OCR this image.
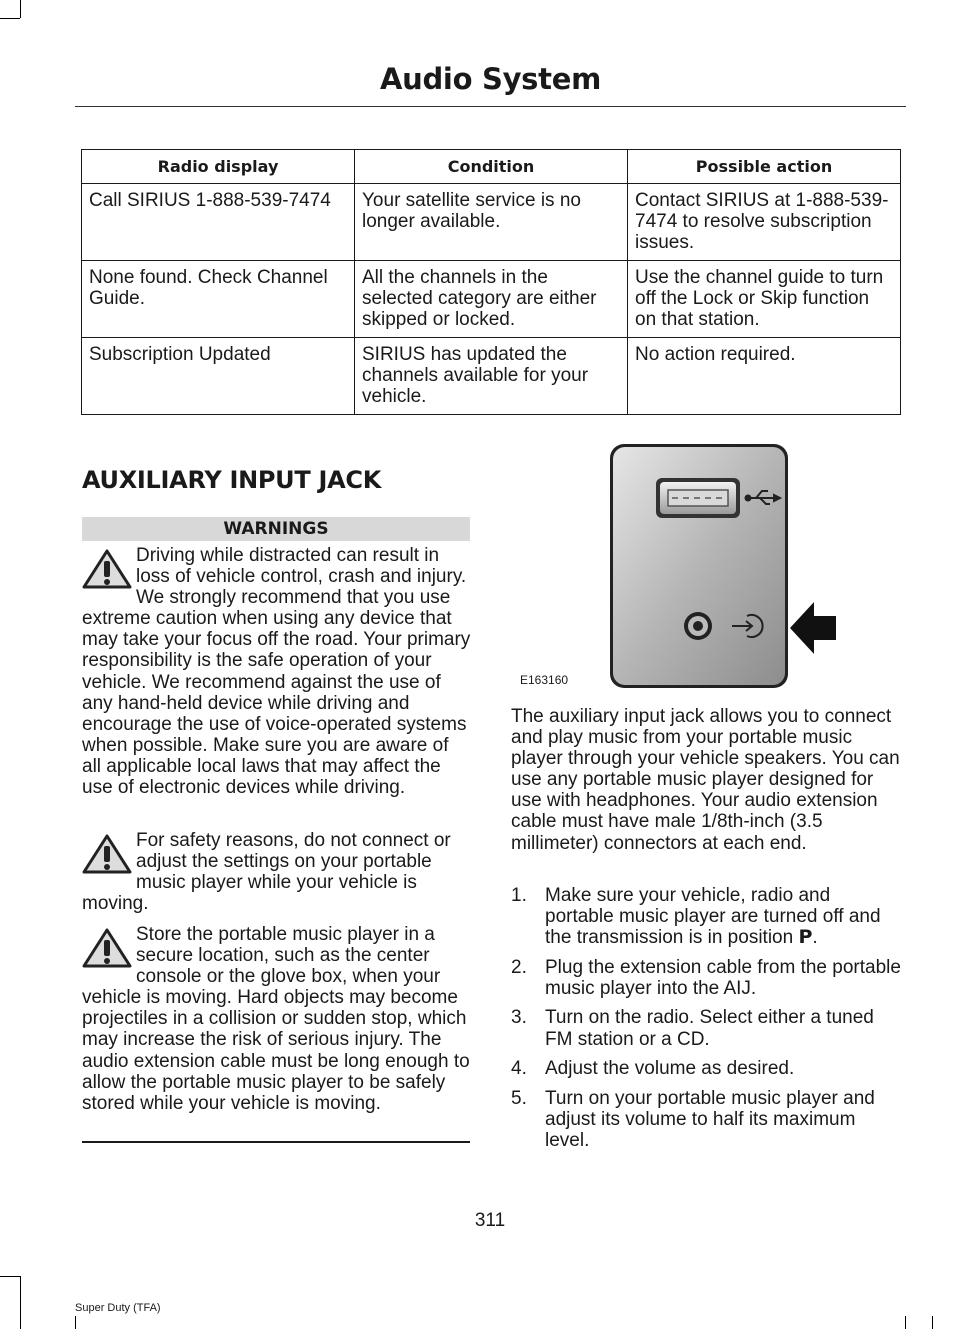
Audio System
Radio display	Condition	Possible action
Call SIRIUS 1-888-539-7474	Your satellite service is no longer available.	Contact SIRIUS at 1-888-539-7474 to resolve subscription issues.
None found. Check Channel Guide.	All the channels in the selected category are either skipped or locked.	Use the channel guide to turn off the Lock or Skip function on that station.
Subscription Updated	SIRIUS has updated the channels available for your vehicle.	No action required.
AUXILIARY INPUT JACK
WARNINGS
Driving while distracted can result in loss of vehicle control, crash and injury. We strongly recommend that you use extreme caution when using any device that may take your focus off the road. Your primary responsibility is the safe operation of your vehicle. We recommend against the use of any hand-held device while driving and encourage the use of voice-operated systems when possible. Make sure you are aware of all applicable local laws that may affect the use of electronic devices while driving.
For safety reasons, do not connect or adjust the settings on your portable music player while your vehicle is moving.
Store the portable music player in a secure location, such as the center console or the glove box, when your vehicle is moving. Hard objects may become projectiles in a collision or sudden stop, which may increase the risk of serious injury. The audio extension cable must be long enough to allow the portable music player to be safely stored while your vehicle is moving.
E163160
The auxiliary input jack allows you to connect and play music from your portable music player through your vehicle speakers. You can use any portable music player designed for use with headphones. Your audio extension cable must have male 1/8th-inch (3.5 millimeter) connectors at each end.
1. Make sure your vehicle, radio and portable music player are turned off and the transmission is in position P.
2. Plug the extension cable from the portable music player into the AIJ.
3. Turn on the radio. Select either a tuned FM station or a CD.
4. Adjust the volume as desired.
5. Turn on your portable music player and adjust its volume to half its maximum level.
311
Super Duty (TFA)
